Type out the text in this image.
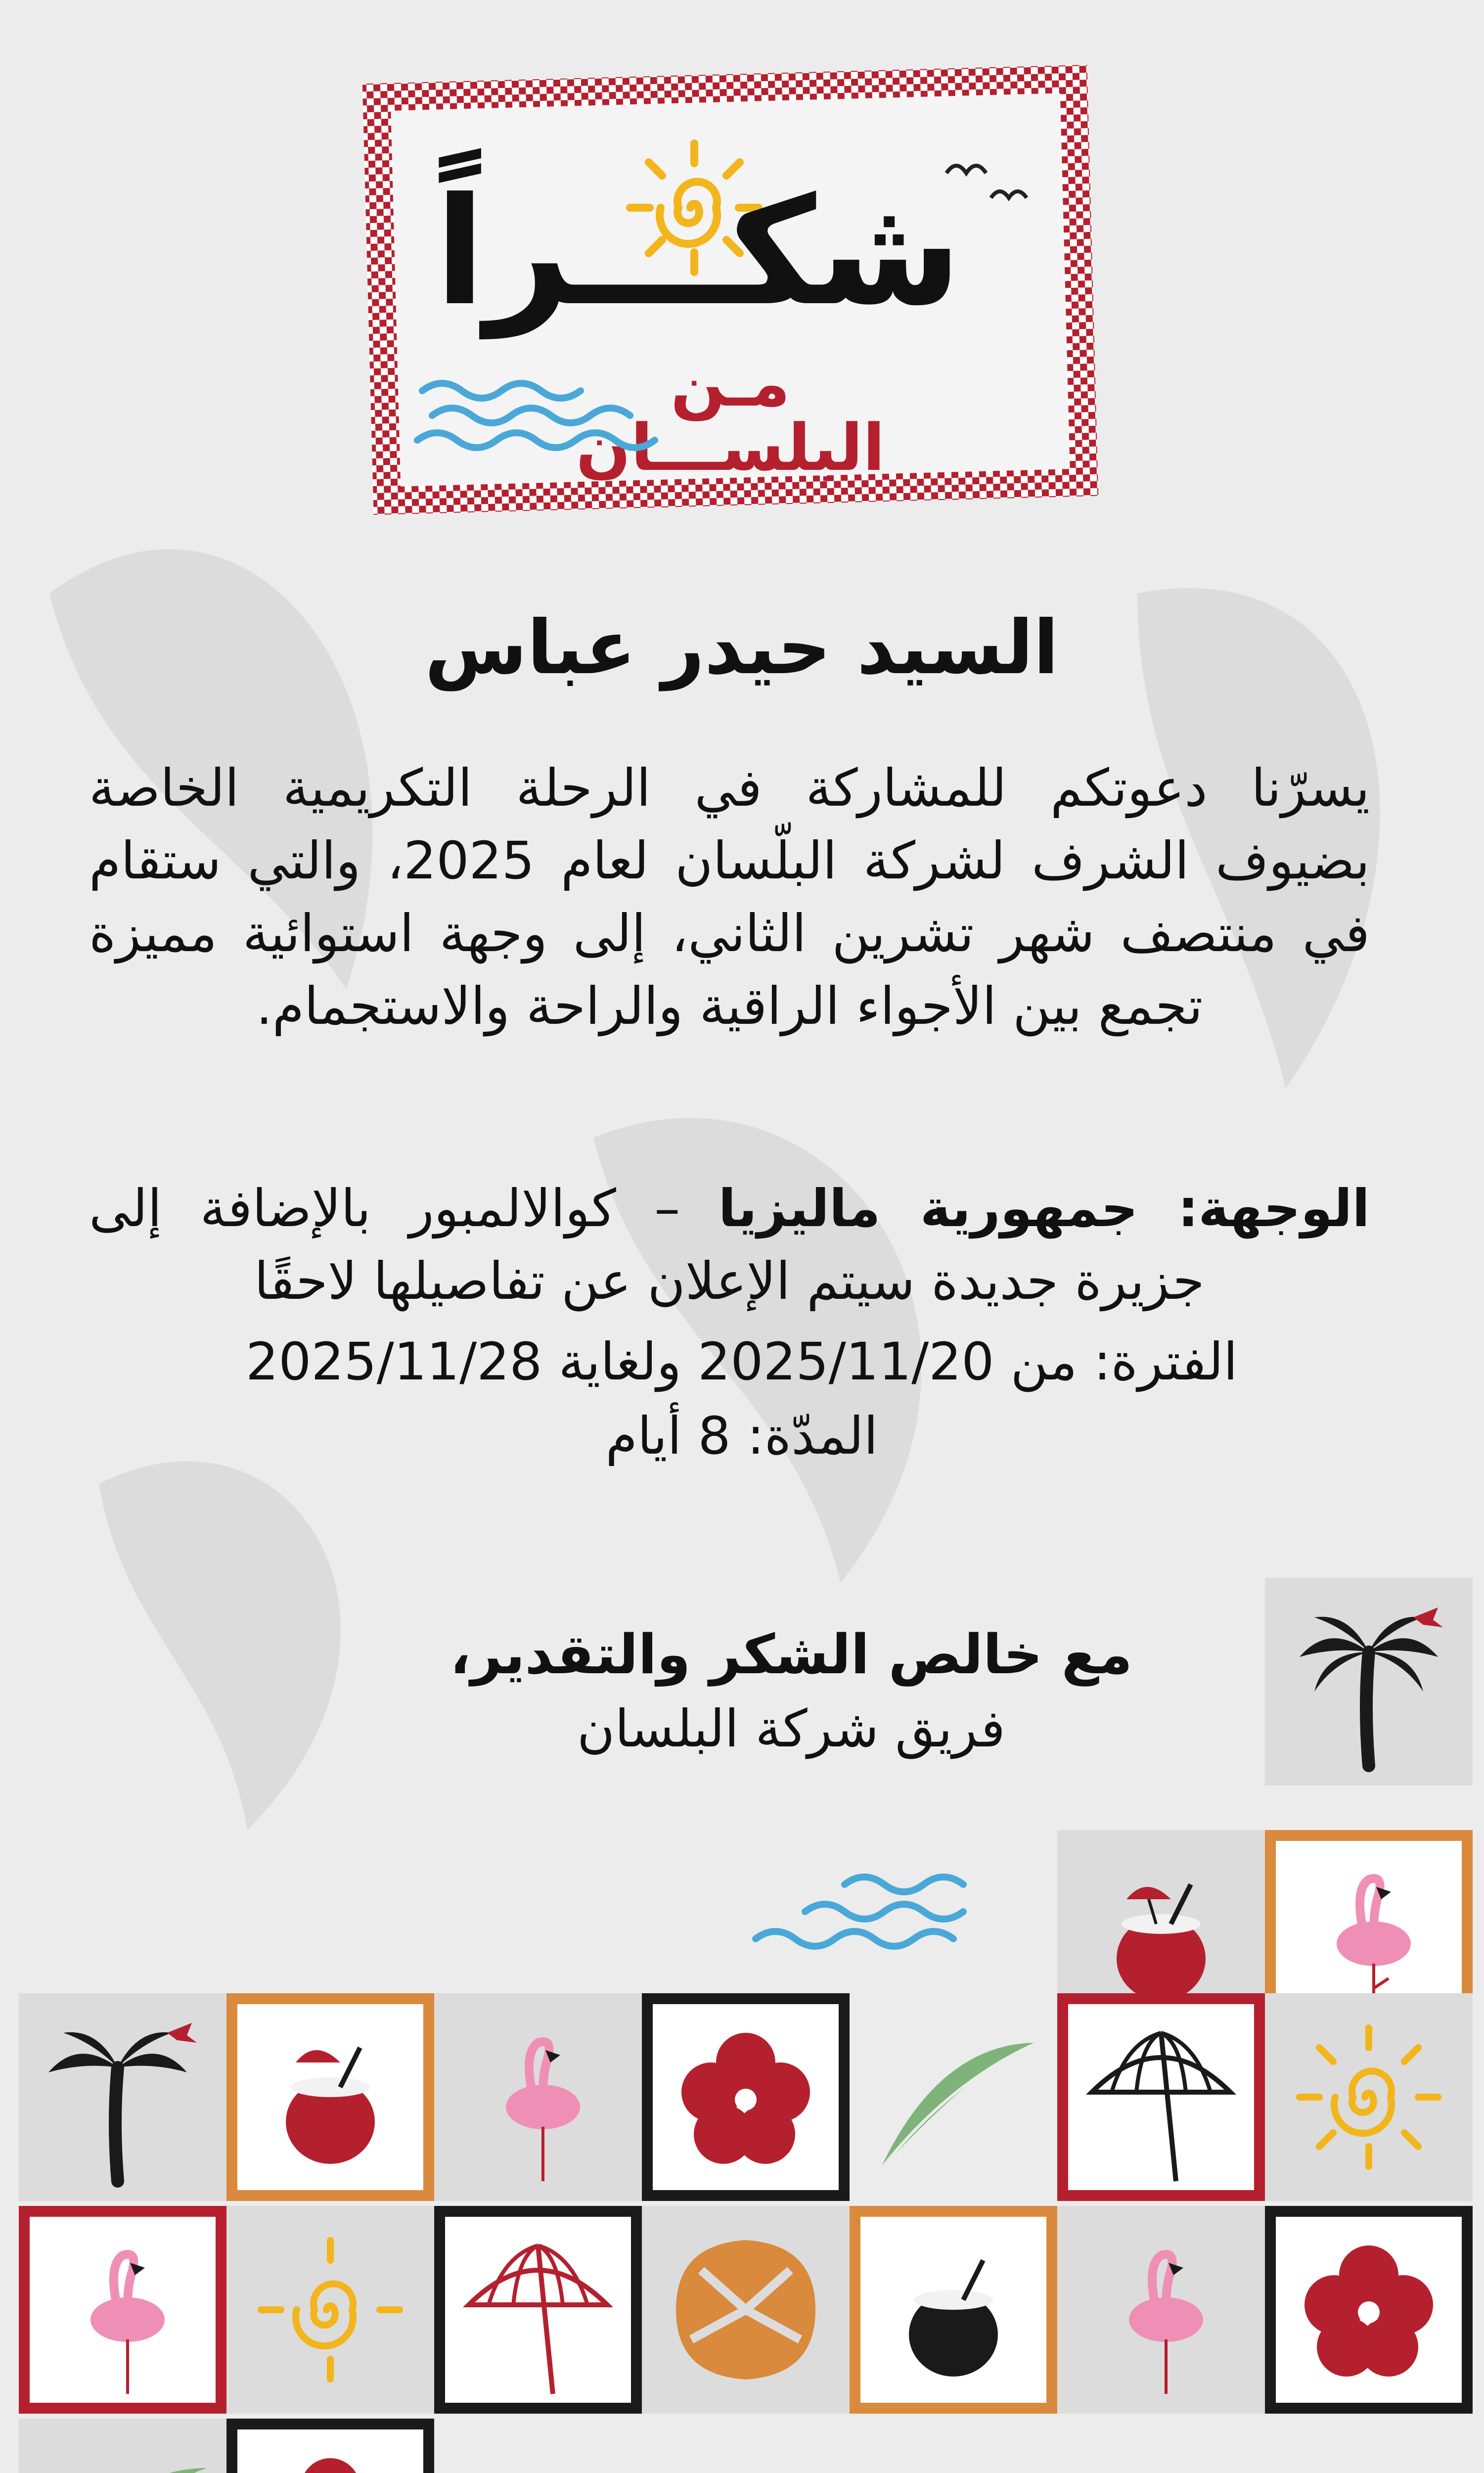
شكـــراً
مـن البلســـان
السيد حيدر عباس
يسرّنا دعوتكم للمشاركة في الرحلة التكريمية الخاصة بضيوف الشرف لشركة البلّسان لعام 2025، والتي ستقام في منتصف شهر تشرين الثاني، إلى وجهة استوائية مميزة تجمع بين الأجواء الراقية والراحة والاستجمام.
الوجهة: جمهورية ماليزيا – كوالالمبور بالإضافة إلى جزيرة جديدة سيتم الإعلان عن تفاصيلها لاحقًا
الفترة: من 2025/11/20 ولغاية 2025/11/28
المدّة: 8 أيام
مع خالص الشكر والتقدير،
فريق شركة البلسان
